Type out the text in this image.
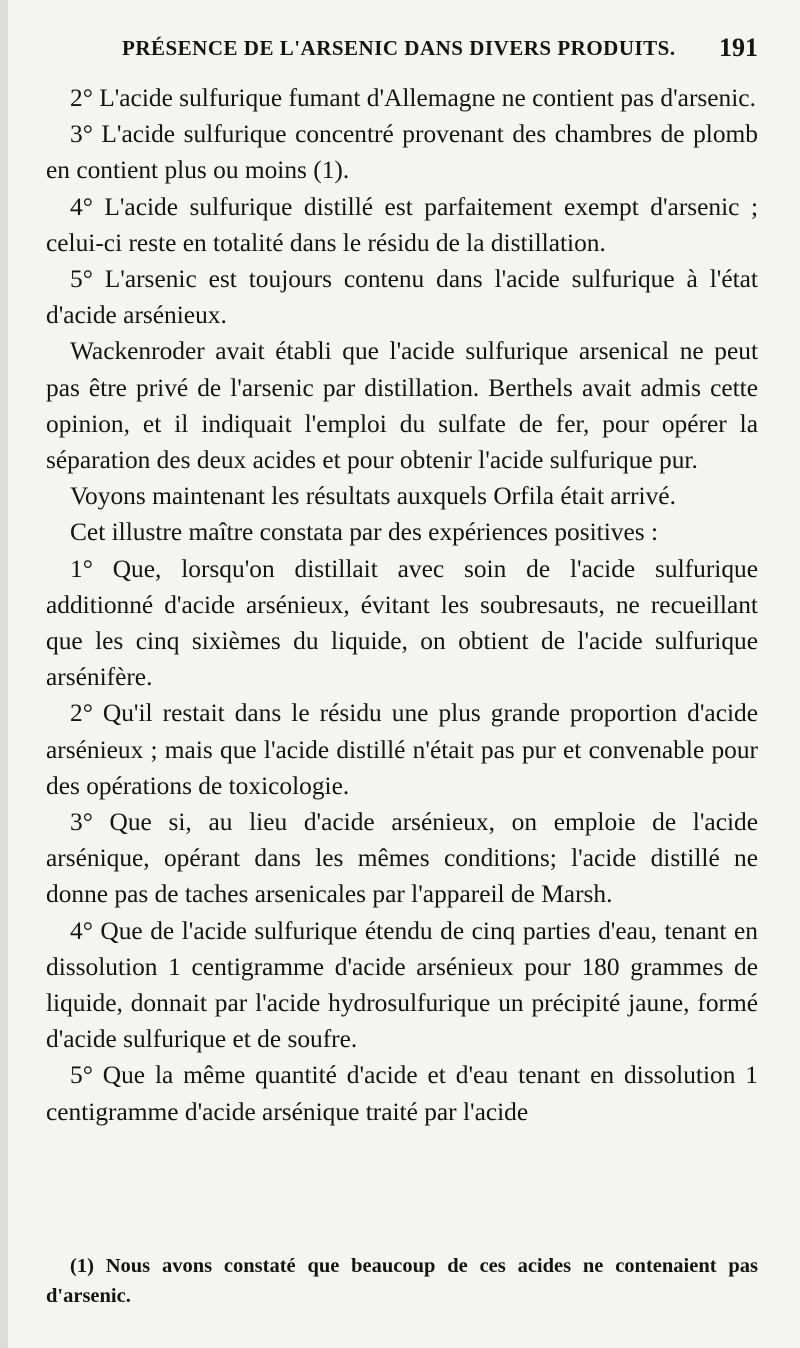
PRÉSENCE DE L'ARSENIC DANS DIVERS PRODUITS. 191

2° L'acide sulfurique fumant d'Allemagne ne contient pas d'arsenic.

3° L'acide sulfurique concentré provenant des chambres de plomb en contient plus ou moins (1).

4° L'acide sulfurique distillé est parfaitement exempt d'arsenic ; celui-ci reste en totalité dans le résidu de la distillation.

5° L'arsenic est toujours contenu dans l'acide sulfurique à l'état d'acide arsénieux.

Wackenroder avait établi que l'acide sulfurique arsenical ne peut pas être privé de l'arsenic par distillation. Berthels avait admis cette opinion, et il indiquait l'emploi du sulfate de fer, pour opérer la séparation des deux acides et pour obtenir l'acide sulfurique pur.

Voyons maintenant les résultats auxquels Orfila était arrivé.

Cet illustre maître constata par des expériences positives :

1° Que, lorsqu'on distillait avec soin de l'acide sulfurique additionné d'acide arsénieux, évitant les soubresauts, ne recueillant que les cinq sixièmes du liquide, on obtient de l'acide sulfurique arsénifère.

2° Qu'il restait dans le résidu une plus grande proportion d'acide arsénieux ; mais que l'acide distillé n'était pas pur et convenable pour des opérations de toxicologie.

3° Que si, au lieu d'acide arsénieux, on emploie de l'acide arsénique, opérant dans les mêmes conditions; l'acide distillé ne donne pas de taches arsenicales par l'appareil de Marsh.

4° Que de l'acide sulfurique étendu de cinq parties d'eau, tenant en dissolution 1 centigramme d'acide arsénieux pour 180 grammes de liquide, donnait par l'acide hydrosulfurique un précipité jaune, formé d'acide sulfurique et de soufre.

5° Que la même quantité d'acide et d'eau tenant en dissolution 1 centigramme d'acide arsénique traité par l'acide

(1) Nous avons constaté que beaucoup de ces acides ne contenaient pas d'arsenic.
